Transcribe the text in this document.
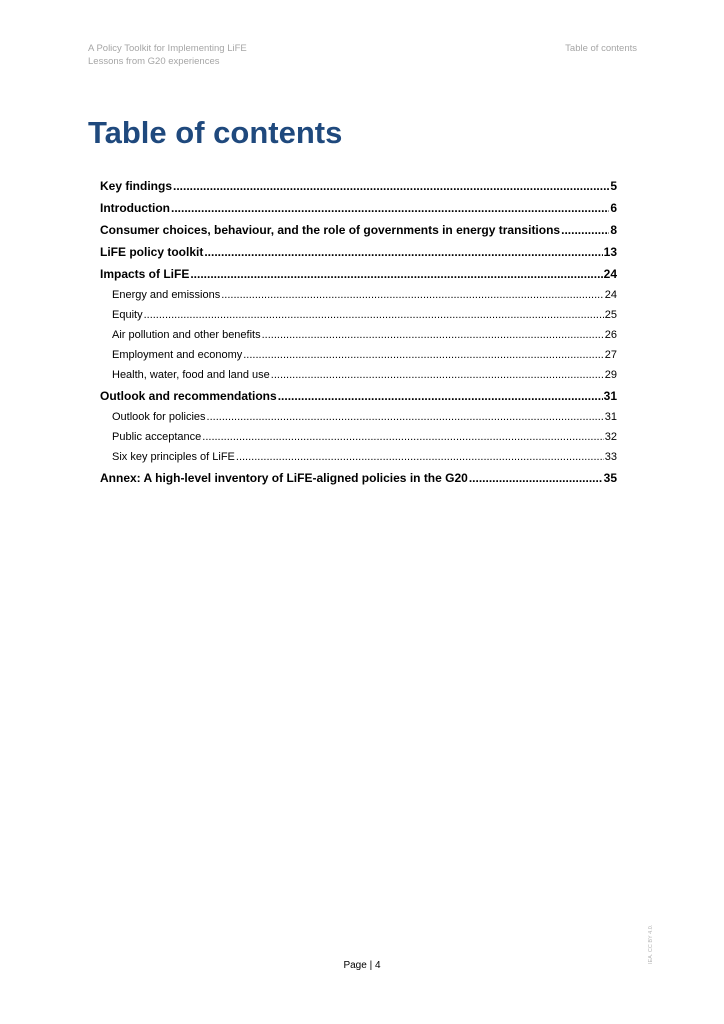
A Policy Toolkit for Implementing LiFE
Lessons from G20 experiences
Table of contents
Table of contents
Key findings .....	5
Introduction .....	6
Consumer choices, behaviour, and the role of governments in energy transitions .....	8
LiFE policy toolkit .....	13
Impacts of LiFE .....	24
Energy and emissions .....	24
Equity .....	25
Air pollution and other benefits .....	26
Employment and economy .....	27
Health, water, food and land use .....	29
Outlook and recommendations .....	31
Outlook for policies .....	31
Public acceptance .....	32
Six key principles of LiFE .....	33
Annex: A high-level inventory of LiFE-aligned policies in the G20 .....	35
IEA. CC BY 4.0.
Page | 4
